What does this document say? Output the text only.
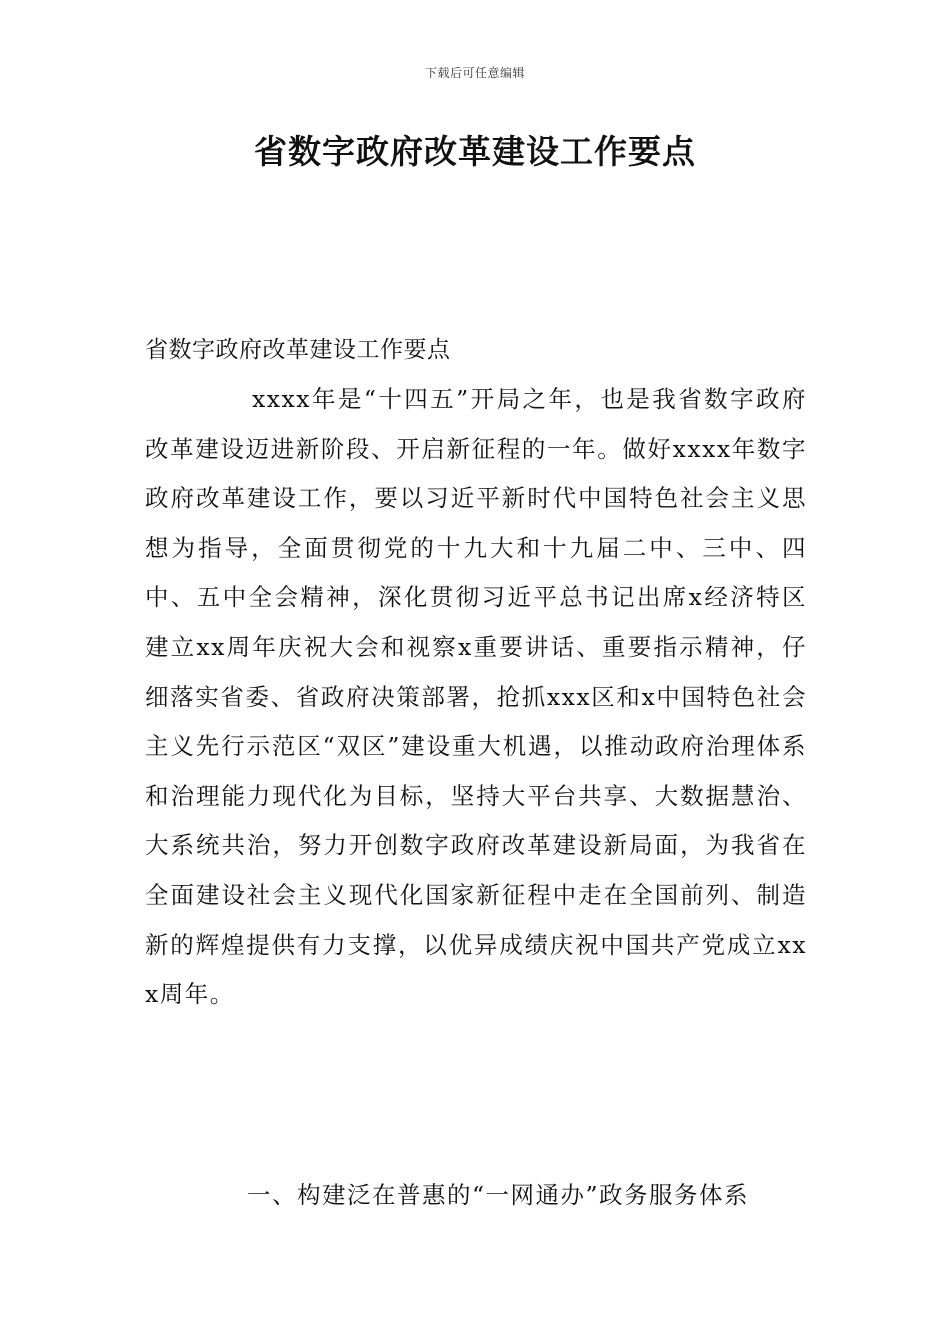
下载后可任意编辑
省数字政府改革建设工作要点

省数字政府改革建设工作要点

xxxx年是“十四五”开局之年，也是我省数字政府改革建设迈进新阶段、开启新征程的一年。做好xxxx年数字政府改革建设工作，要以习近平新时代中国特色社会主义思想为指导，全面贯彻党的十九大和十九届二中、三中、四中、五中全会精神，深化贯彻习近平总书记出席x经济特区建立xx周年庆祝大会和视察x重要讲话、重要指示精神，仔细落实省委、省政府决策部署，抢抓xxx区和x中国特色社会主义先行示范区“双区”建设重大机遇，以推动政府治理体系和治理能力现代化为目标，坚持大平台共享、大数据慧治、大系统共治，努力开创数字政府改革建设新局面，为我省在全面建设社会主义现代化国家新征程中走在全国前列、制造新的辉煌提供有力支撑，以优异成绩庆祝中国共产党成立xxx周年。

一、构建泛在普惠的“一网通办”政务服务体系
